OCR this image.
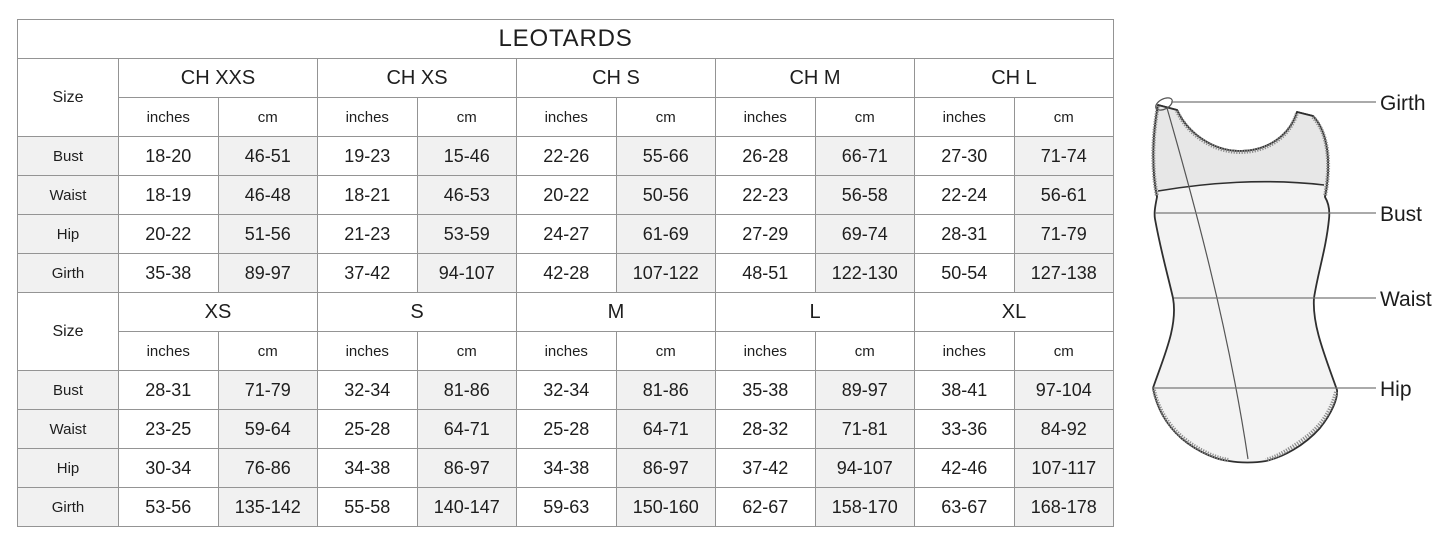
LEOTARDS										
Size	CH XXS		CH XS		CH S		CH M		CH L	
	inches	cm	inches	cm	inches	cm	inches	cm	inches	cm
Bust	18-20	46-51	19-23	15-46	22-26	55-66	26-28	66-71	27-30	71-74
Waist	18-19	46-48	18-21	46-53	20-22	50-56	22-23	56-58	22-24	56-61
Hip	20-22	51-56	21-23	53-59	24-27	61-69	27-29	69-74	28-31	71-79
Girth	35-38	89-97	37-42	94-107	42-28	107-122	48-51	122-130	50-54	127-138
Size	XS		S		M		L		XL	
	inches	cm	inches	cm	inches	cm	inches	cm	inches	cm
Bust	28-31	71-79	32-34	81-86	32-34	81-86	35-38	89-97	38-41	97-104
Waist	23-25	59-64	25-28	64-71	25-28	64-71	28-32	71-81	33-36	84-92
Hip	30-34	76-86	34-38	86-97	34-38	86-97	37-42	94-107	42-46	107-117
Girth	53-56	135-142	55-58	140-147	59-63	150-160	62-67	158-170	63-67	168-178
Girth
Bust
Waist
Hip
